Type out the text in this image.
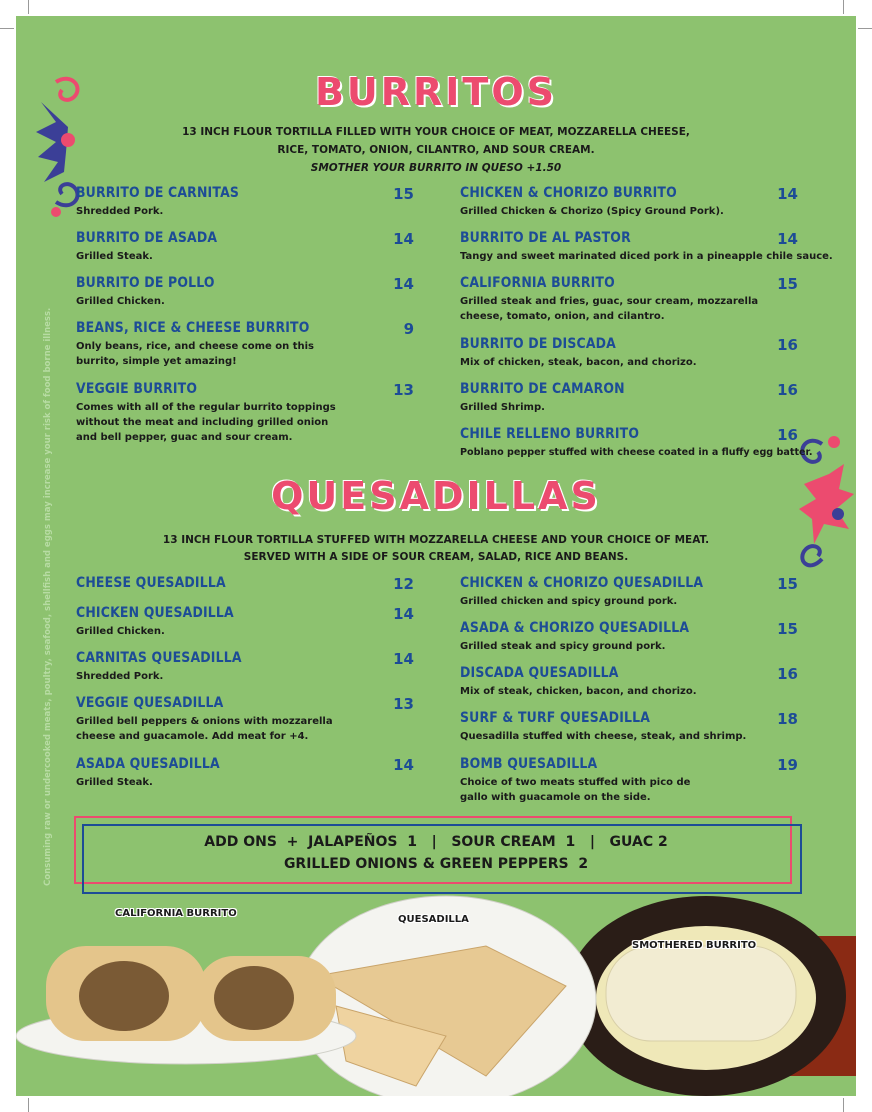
Consuming raw or undercooked meats, poultry, seafood, shellfish and eggs may increase your risk of food borne illness.
BURRITOS
13 INCH FLOUR TORTILLA FILLED WITH YOUR CHOICE OF MEAT, MOZZARELLA CHEESE,
RICE, TOMATO, ONION, CILANTRO, AND SOUR CREAM.
SMOTHER YOUR BURRITO IN QUESO +1.50
BURRITO DE CARNITAS	15
Shredded Pork.
BURRITO DE ASADA	14
Grilled Steak.
BURRITO DE POLLO	14
Grilled Chicken.
BEANS, RICE & CHEESE BURRITO	9
Only beans, rice, and cheese come on this
burrito, simple yet amazing!
VEGGIE BURRITO	13
Comes with all of the regular burrito toppings
without the meat and including grilled onion
and bell pepper, guac and sour cream.
CHICKEN & CHORIZO BURRITO	14
Grilled Chicken & Chorizo (Spicy Ground Pork).
BURRITO DE AL PASTOR	14
Tangy and sweet marinated diced pork in a pineapple chile sauce.
CALIFORNIA BURRITO	15
Grilled steak and fries, guac, sour cream, mozzarella
cheese, tomato, onion, and cilantro.
BURRITO DE DISCADA	16
Mix of chicken, steak, bacon, and chorizo.
BURRITO DE CAMARON	16
Grilled Shrimp.
CHILE RELLENO BURRITO	16
Poblano pepper stuffed with cheese coated in a fluffy egg batter.
QUESADILLAS
13 INCH FLOUR TORTILLA STUFFED WITH MOZZARELLA CHEESE AND YOUR CHOICE OF MEAT.
SERVED WITH A SIDE OF SOUR CREAM, SALAD, RICE AND BEANS.
CHEESE QUESADILLA	12
CHICKEN QUESADILLA	14
Grilled Chicken.
CARNITAS QUESADILLA	14
Shredded Pork.
VEGGIE QUESADILLA	13
Grilled bell peppers & onions with mozzarella
cheese and guacamole. Add meat for +4.
ASADA QUESADILLA	14
Grilled Steak.
CHICKEN & CHORIZO QUESADILLA	15
Grilled chicken and spicy ground pork.
ASADA & CHORIZO QUESADILLA	15
Grilled steak and spicy ground pork.
DISCADA QUESADILLA	16
Mix of steak, chicken, bacon, and chorizo.
SURF & TURF QUESADILLA	18
Quesadilla stuffed with cheese, steak, and shrimp.
BOMB QUESADILLA	19
Choice of two meats stuffed with pico de
gallo with guacamole on the side.
ADD ONS  +  JALAPEÑOS  1   |   SOUR CREAM  1   |   GUAC 2
GRILLED ONIONS & GREEN PEPPERS  2
CALIFORNIA BURRITO
QUESADILLA
SMOTHERED BURRITO
